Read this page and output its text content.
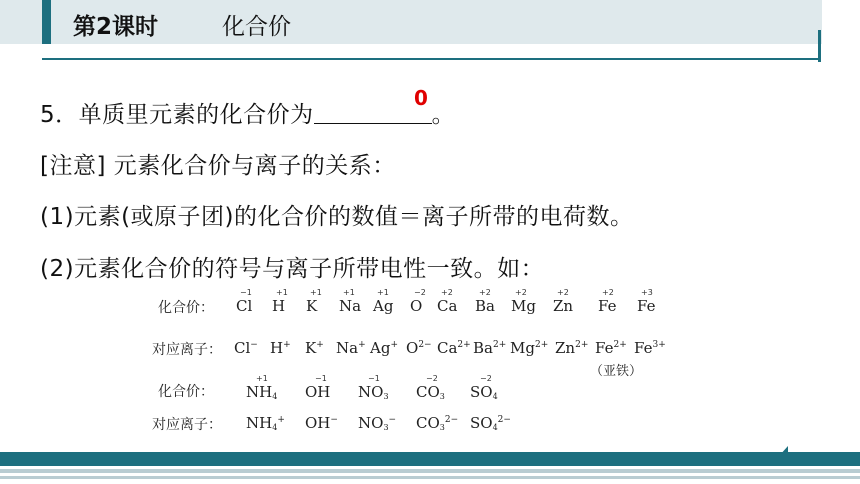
第2课时	化合价
5．单质里元素的化合价为	。
0
[注意] 元素化合价与离子的关系：
(1)元素(或原子团)的化合价的数值＝离子所带的电荷数。
(2)元素化合价的符号与离子所带电性一致。如：
化合价：
对应离子：
化合价：
对应离子：
（亚铁）
−1
Cl
Cl−
+1
H
H+
+1
K
K+
+1
Na
Na+
+1
Ag
Ag+
−2
O
$O^{2-}$
+2
Ca
$Ca^{2+}$
+2
Ba
$Ba^{2+}$
+2
Mg
$Mg^{2+}$
+2
Zn
$Zn^{2+}$
+2
Fe
$Fe^{2+}$
+3
Fe
$Fe^{3+}$
+1
$NH_4$
$NH_4^+$
−1
OH
OH−
−1
$NO_3$
$NO_3^-$
−2
$CO_3$
$CO_3^{2-}$
−2
$SO_4$
$SO_4^{2-}$
